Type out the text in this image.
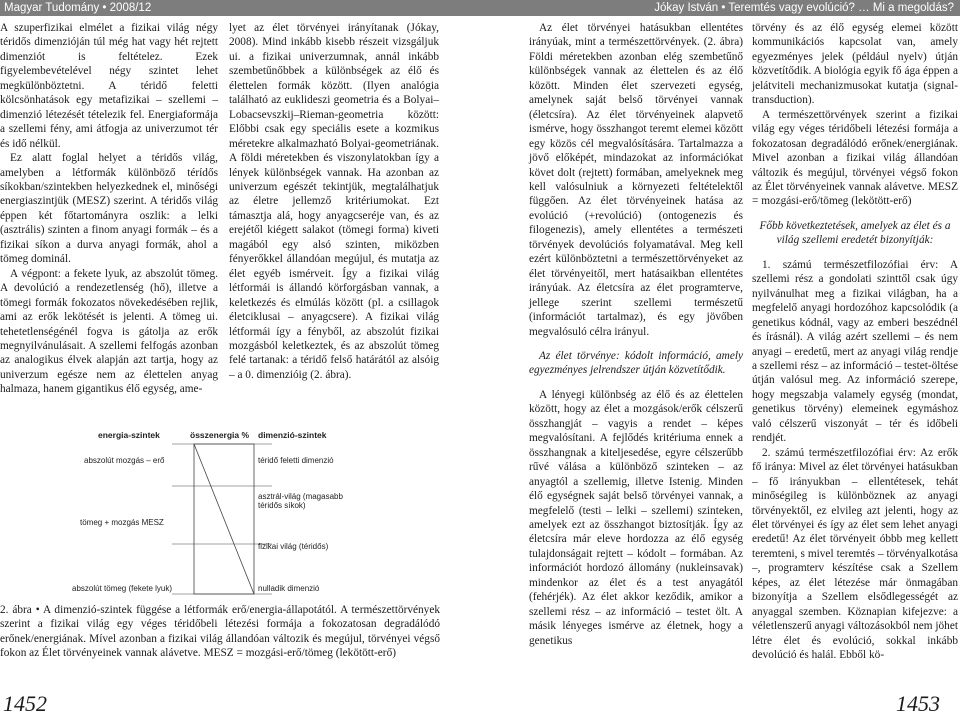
Magyar Tudomány • 2008/12	Jókay István • Teremtés vagy evolúció? … Mi a megoldás?

A szuperfizikai elmélet a fizikai világ négy téridős dimenzióján túl még hat vagy hét rejtett dimenziót is feltételez. Ezek figyelembevételével négy szintet lehet megkülönböztetni. A téridő feletti kölcsönhatások egy metafizikai – szellemi – dimenzió létezését tételezik fel. Energiaformája a szellemi fény, ami átfogja az univerzumot tér és idő nélkül.

Ez alatt foglal helyet a téridős világ, amelyben a létformák különböző térídős síkokban/szintekben helyezkednek el, minőségi energiaszintjük (MESZ) szerint. A téridős világ éppen két főtartományra oszlik: a lelki (asztrális) szinten a finom anyagi formák – és a fizikai síkon a durva anyagi formák, ahol a tömeg dominál.

A végpont: a fekete lyuk, az abszolút tömeg. A devolúció a rendezetlenség (hő), illetve a tömegi formák fokozatos növekedésében rejlik, ami az erők lekötését is jelenti. A tömeg ui. tehetetlenségénél fogva is gátolja az erők megnyilvánulásait. A szellemi felfogás azonban az analogikus élvek alapján azt tartja, hogy az univerzum egésze nem az élettelen anyag halmaza, hanem gigantikus élő egység, ame-

lyet az élet törvényei irányítanak (Jókay, 2008). Mind inkább kisebb részeit vizsgáljuk ui. a fizikai univerzumnak, annál inkább szembetűnőbbek a különbségek az élő és élettelen formák között. (Ilyen analógia található az euklideszi geometria és a Bolyai–Lobacsevszkij–Rieman-geometria között: Előbbi csak egy speciális esete a kozmikus méretekre alkalmazható Bolyai-geometriának. A földi méretekben és viszonylatokban így a lények különbségek vannak. Ha azonban az univerzum egészét tekintjük, megtalálhatjuk az életre jellemző kritériumokat. Ezt támasztja alá, hogy anyagcseréje van, és az erejétől kiégett salakot (tömegi forma) kiveti magából egy alsó szinten, miközben fényerőkkel állandóan megújul, és mutatja az élet egyéb ismérveit. Így a fizikai világ létformái is állandó körforgásban vannak, a keletkezés és elmúlás között (pl. a csillagok életciklusai – anyagcsere). A fizikai világ létformái így a fényből, az abszolút fizikai mozgásból keletkeztek, és az abszolút tömeg felé tartanak: a téridő felső határától az alsóig – a 0. dimenzióig (2. ábra).

energia-szintek	összenergia % dimenzió-szintek
abszolút mozgás – erő
tömeg + mozgás MESZ
abszolút tömeg (fekete lyuk)
téridő feletti dimenzió
asztrál-világ (magasabb téridős síkok)
fizikai világ (téridős)
nulladik dimenzió
2. ábra • A dimenzió-szintek függése a létformák erő/energia-állapotától. A természettörvények szerint a fizikai világ egy véges téridőbeli létezési formája a fokozatosan degradálódó erőnek/energiának. Mível azonban a fizikai világ állandóan változik és megújul, törvényei végső fokon az Élet törvényeinek vannak alávetve. MESZ = mozgási-erő/tömeg (lekötött-erő)

Az élet törvényei hatásukban ellentétes irányúak, mint a természettörvények. (2. ábra) Földi méretekben azonban elég szembetűnő különbségek vannak az élettelen és az élő között. Minden élet szervezeti egység, amelynek saját belső törvényei vannak (életcsíra). Az élet törvényeinek alapvető ismérve, hogy összhangot teremt elemei között egy közös cél megvalósítására. Tartalmazza a jövő előképét, mindazokat az információkat követ dolt (rejtett) formában, amelyeknek meg kell valósulniuk a környezeti feltételektől függően. Az élet törvényeinek hatása az evolúció (+revolúció) (ontogenezis és filogenezis), amely ellentétes a természeti törvények devolúciós folyamatával. Meg kell ezért különböztetni a természettörvényeket az élet törvényeitől, mert hatásaikban ellentétes irányúak. Az életcsíra az élet programterve, jellege szerint szellemi természetű (információt tartalmaz), és egy jövőben megvalósuló célra irányul.

Az élet törvénye: kódolt információ, amely egyezményes jelrendszer útján közvetítődik.

A lényegi különbség az élő és az élettelen között, hogy az élet a mozgások/erők célszerű összhangját – vagyis a rendet – képes megvalósítani. A fejlődés kritériuma ennek a összhangnak a kiteljesedése, egyre célszerűbb rűvé válása a különböző szinteken – az anyagtól a szellemig, illetve Istenig. Minden élő egységnek saját belső törvényei vannak, a megfelelő (testi – lelki – szellemi) szinteken, amelyek ezt az összhangot biztosítják. Így az életcsíra már eleve hordozza az élő egység tulajdonságait rejtett – kódolt – formában. Az információt hordozó állomány (nukleinsavak) mindenkor az élet és a test anyagától (fehérjék). Az élet akkor keződik, amikor a szellemi rész – az információ – testet ölt. A másik lényeges ismérve az életnek, hogy a genetikus

törvény és az élő egység elemei között kommunikációs kapcsolat van, amely egyezményes jelek (például nyelv) útján közvetítődik. A biológia egyik fő ága éppen a jelátviteli mechanizmusokat kutatja (signal-transduction).

A természettörvények szerint a fizikai világ egy véges téridőbeli létezési formája a fokozatosan degradálódó erőnek/energiának. Mivel azonban a fizikai világ állandóan változik és megújul, törvényei végső fokon az Élet törvényeinek vannak alávetve. MESZ = mozgási-erő/tömeg (lekötött-erő)

Főbb következtetések, amelyek az élet és a világ szellemi eredetét bizonyítják:

1. számú természetfilozófiai érv: A szellemi rész a gondolati szinttől csak úgy nyilvánulhat meg a fizikai világban, ha a megfelelő anyagi hordozóhoz kapcsolódik (a genetikus kódnál, vagy az emberi beszédnél és írásnál). A világ azért szellemi – és nem anyagi – eredetű, mert az anyagi világ rendje a szellemi rész – az információ – testet-öltése útján valósul meg. Az információ szerepe, hogy megszabja valamely egység (mondat, genetikus törvény) elemeinek egymáshoz való célszerű viszonyát – tér és időbeli rendjét.

2. számú természetfilozófiai érv: Az erők fő iránya: Mivel az élet törvényei hatásukban – fő irányukban – ellentétesek, tehát minőségileg is különböznek az anyagi törvényektől, ez elvileg azt jelenti, hogy az élet törvényei és így az élet sem lehet anyagi eredetű! Az élet törvényeit óbbb meg kellett teremteni, s mivel teremtés – törvényalkotása –, programterv készítése csak a Szellem képes, az élet létezése már önmagában bizonyítja a Szellem elsődlegességét az anyaggal szemben. Köznapian kifejezve: a véletlenszerű anyagi változásokból nem jöhet létre élet és evolúció, sokkal inkább devolúció és halál. Ebből kö-

1452	1453
